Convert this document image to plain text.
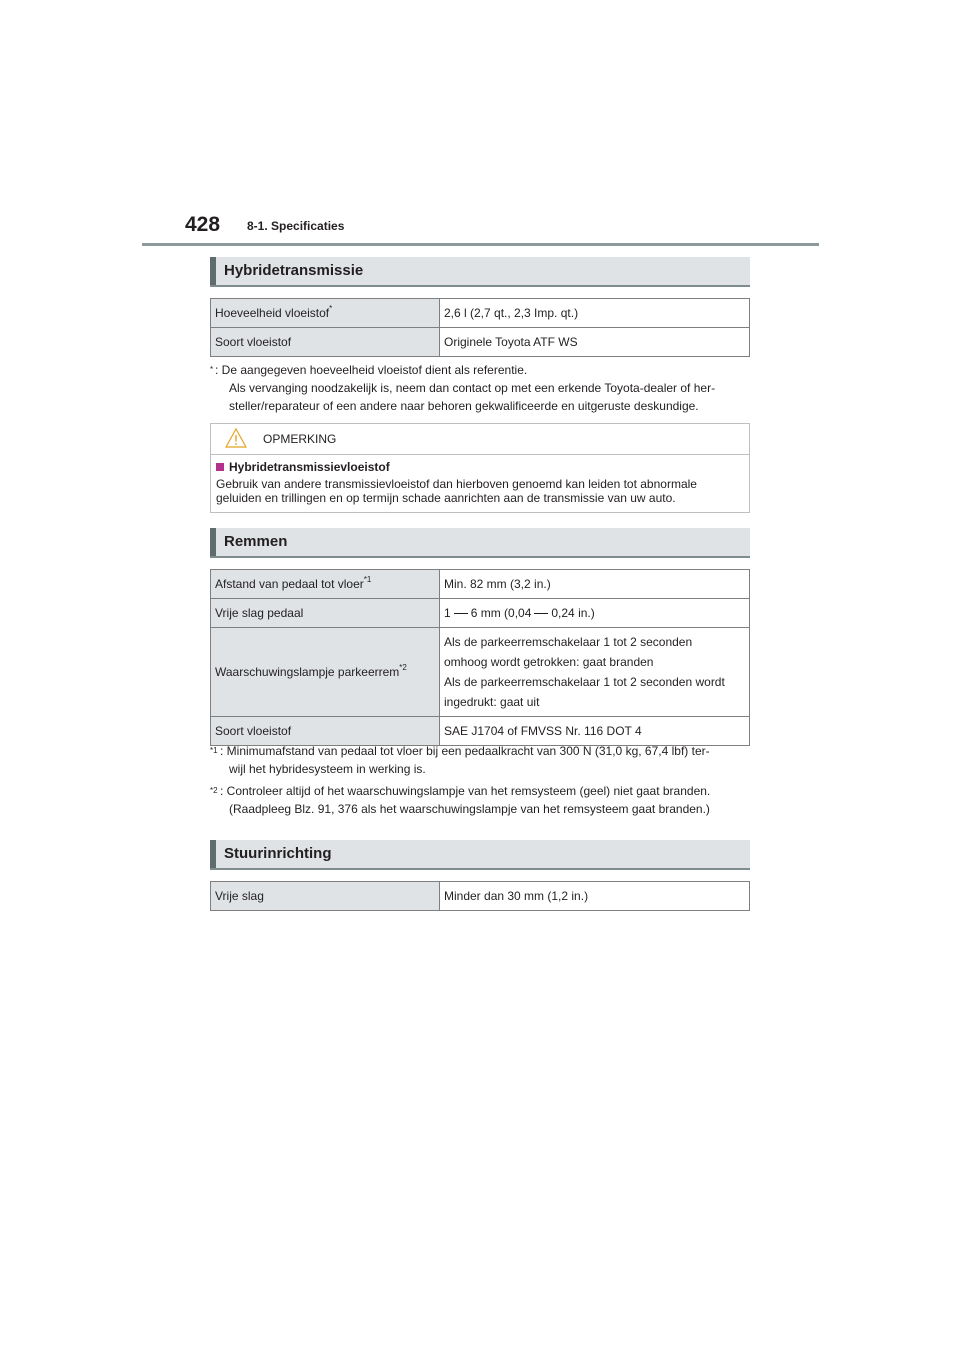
428 8-1. Specificaties
Hybridetransmissie
Hoeveelheid vloeistof*	2,6 l (2,7 qt., 2,3 Imp. qt.)
Soort vloeistof	Originele Toyota ATF WS
* : De aangegeven hoeveelheid vloeistof dient als referentie.
Als vervanging noodzakelijk is, neem dan contact op met een erkende Toyota-dealer of her-
steller/reparateur of een andere naar behoren gekwalificeerde en uitgeruste deskundige.
OPMERKING
Hybridetransmissievloeistof
Gebruik van andere transmissievloeistof dan hierboven genoemd kan leiden tot abnormale geluiden en trillingen en op termijn schade aanrichten aan de transmissie van uw auto.
Remmen
Afstand van pedaal tot vloer$^{*1}$	Min. 82 mm (3,2 in.)
Vrije slag pedaal	1 6 mm (0,04 0,24 in.)
Waarschuwingslampje parkeerrem$^{*2}$	Als de parkeerremschakelaar 1 tot 2 seconden
omhoog wordt getrokken: gaat branden
Als de parkeerremschakelaar 1 tot 2 seconden wordt
ingedrukt: gaat uit

Soort vloeistof	SAE J1704 of FMVSS Nr. 116 DOT 4
*1 : Minimumafstand van pedaal tot vloer bij een pedaalkracht van 300 N (31,0 kg, 67,4 lbf) ter-
wijl het hybridesysteem in werking is.
*2 : Controleer altijd of het waarschuwingslampje van het remsysteem (geel) niet gaat branden.
(Raadpleeg Blz. 91, 376 als het waarschuwingslampje van het remsysteem gaat branden.)
Stuurinrichting
Vrije slag	Minder dan 30 mm (1,2 in.)
